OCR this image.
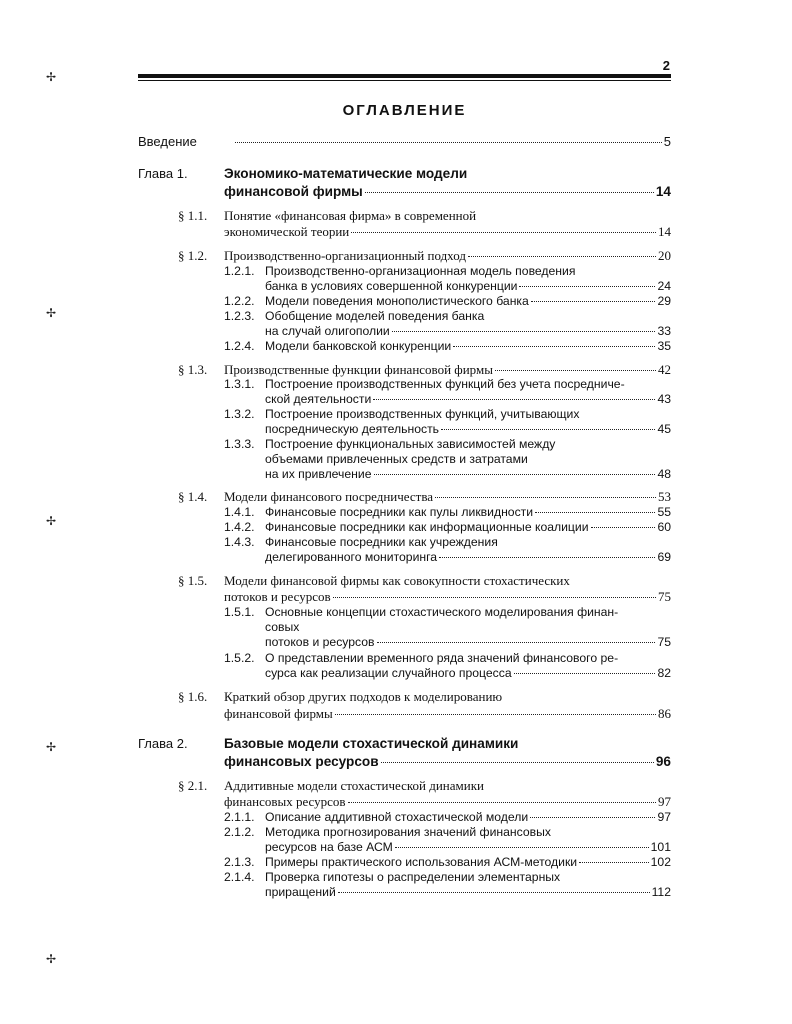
2
ОГЛАВЛЕНИЕ
✢
✢
✢
✢
✢
Введение	5
Глава 1.	Экономико-математические модели
финансовой фирмы	14
§ 1.1. Понятие «финансовая фирма» в современной
экономической теории	14
§ 1.2. Производственно-организационный подход	20
1.2.1. Производственно-организационная модель поведения
банка в условиях совершенной конкуренции	24
1.2.2. Модели поведения монополистического банка	29
1.2.3. Обобщение моделей поведения банка
на случай олигополии	33
1.2.4. Модели банковской конкуренции	35
§ 1.3. Производственные функции финансовой фирмы	42
1.3.1. Построение производственных функций без учета посредниче-
ской деятельности	43
1.3.2. Построение производственных функций, учитывающих
посредническую деятельность	45
1.3.3. Построение функциональных зависимостей между
объемами привлеченных средств и затратами
на их привлечение	48
§ 1.4. Модели финансового посредничества	53
1.4.1. Финансовые посредники как пулы ликвидности	55
1.4.2. Финансовые посредники как информационные коалиции	60
1.4.3. Финансовые посредники как учреждения
делегированного мониторинга	69
§ 1.5. Модели финансовой фирмы как совокупности стохастических
потоков и ресурсов	75
1.5.1. Основные концепции стохастического моделирования финан-
совых
потоков и ресурсов	75
1.5.2. О представлении временного ряда значений финансового ре-
сурса как реализации случайного процесса	82
§ 1.6. Краткий обзор других подходов к моделированию
финансовой фирмы	86
Глава 2.	Базовые модели стохастической динамики
финансовых ресурсов	96
§ 2.1. Аддитивные модели стохастической динамики
финансовых ресурсов	97
2.1.1. Описание аддитивной стохастической модели	97
2.1.2. Методика прогнозирования значений финансовых
ресурсов на базе АСМ	101
2.1.3. Примеры практического использования АСМ-методики	102
2.1.4. Проверка гипотезы о распределении элементарных
приращений	112
